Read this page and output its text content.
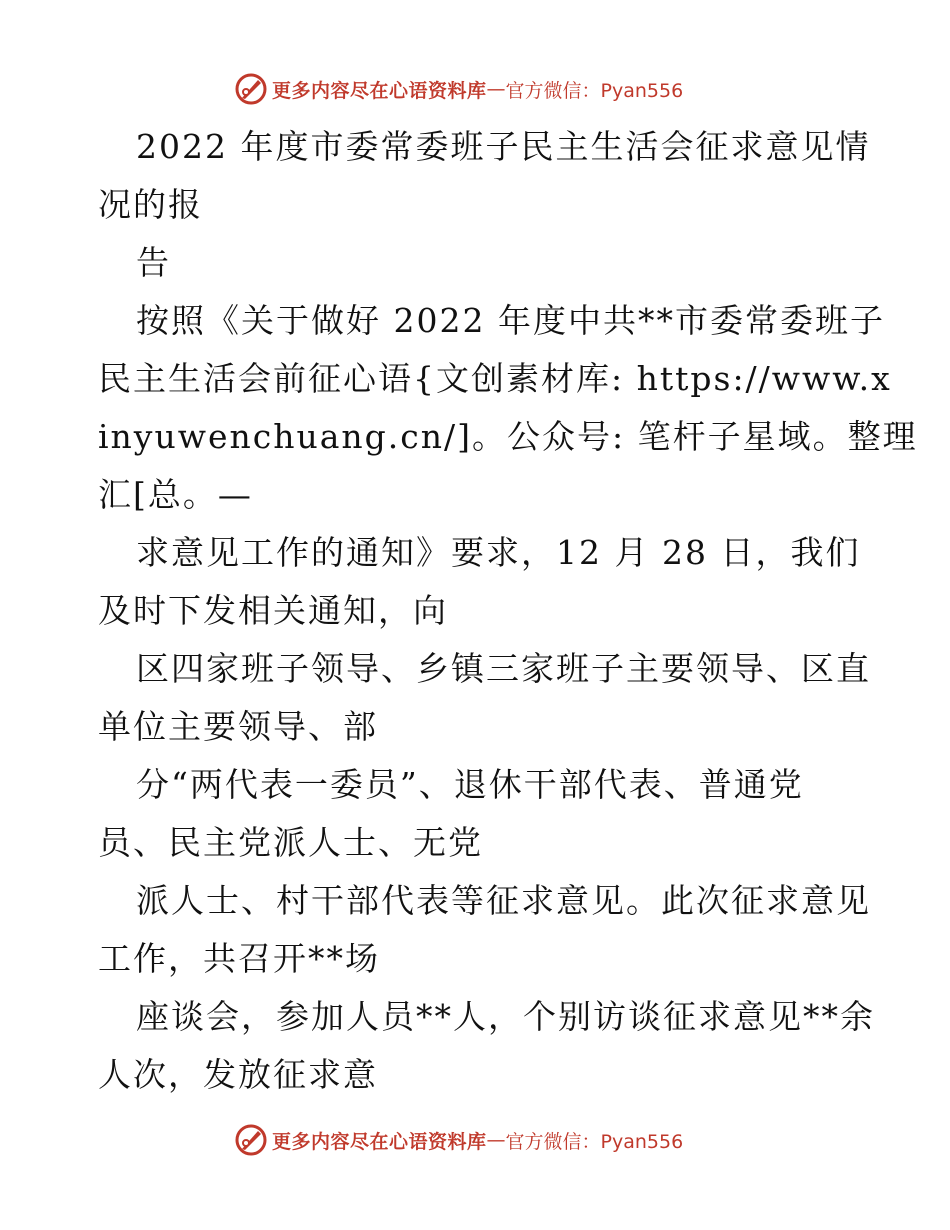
更多内容尽在心语资料库 — 官方微信：Pyan556
2022 年度市委常委班子民主生活会征求意见情
况的报
告
按照《关于做好 2022 年度中共**市委常委班子
民主生活会前征心语{文创素材库: https://www.x
inyuwenchuang.cn/]。公众号: 笔杆子星域。整理
汇[总。—
求意见工作的通知》要求，12 月 28 日，我们
及时下发相关通知，向
区四家班子领导、乡镇三家班子主要领导、区直
单位主要领导、部
分“两代表一委员”、退休干部代表、普通党
员、民主党派人士、无党
派人士、村干部代表等征求意见。此次征求意见
工作，共召开**场
座谈会，参加人员**人，个别访谈征求意见**余
人次，发放征求意
更多内容尽在心语资料库 — 官方微信：Pyan556
